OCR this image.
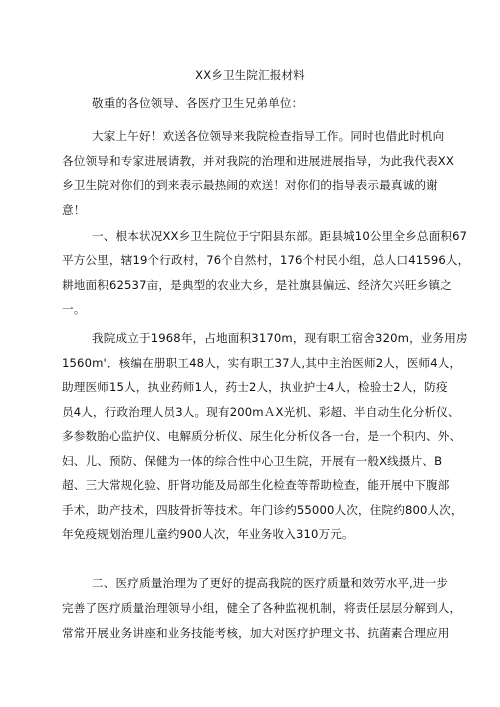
XX乡卫生院汇报材料
敬重的各位领导、各医疗卫生兄弟单位：
大家上午好！欢送各位领导来我院检查指导工作。同时也借此时机向
各位领导和专家进展请教，并对我院的治理和进展进展指导，为此我代表XX
乡卫生院对你们的到来表示最热闹的欢送！对你们的指导表示最真诚的谢
意！
一、根本状况XX乡卫生院位于宁阳县东部。距县城10公里全乡总面积67
平方公里，辖19个行政村，76个自然村，176个村民小组，总人口41596人，
耕地面积62537亩，是典型的农业大乡，是社旗县偏远、经济欠兴旺乡镇之
一。
我院成立于1968年，占地面积3170m，现有职工宿舍320m，业务用房
1560m'．核编在册职工48人，实有职工37人,其中主治医师2人，医师4人，
助理医师15人，执业药师1人，药士2人，执业护士4人，检验士2人，防疫
员4人，行政治理人员3人。现有200mＡX光机、彩超、半自动生化分析仪、
多参数胎心监护仪、电解质分析仪、尿生化分析仪各一台，是一个积内、外、
妇、儿、预防、保健为一体的综合性中心卫生院，开展有一般X线摄片、B
超、三大常规化验、肝肾功能及局部生化检查等帮助检查，能开展中下腹部
手术，助产技术，四肢骨折等技术。年门诊约55000人次，住院约800人次，
年免疫规划治理儿童约900人次，年业务收入310万元。
二、医疗质量治理为了更好的提高我院的医疗质量和效劳水平,进一步
完善了医疗质量治理领导小组，健全了各种监视机制，将责任层层分解到人，
常常开展业务讲座和业务技能考核，加大对医疗护理文书、抗菌素合理应用
